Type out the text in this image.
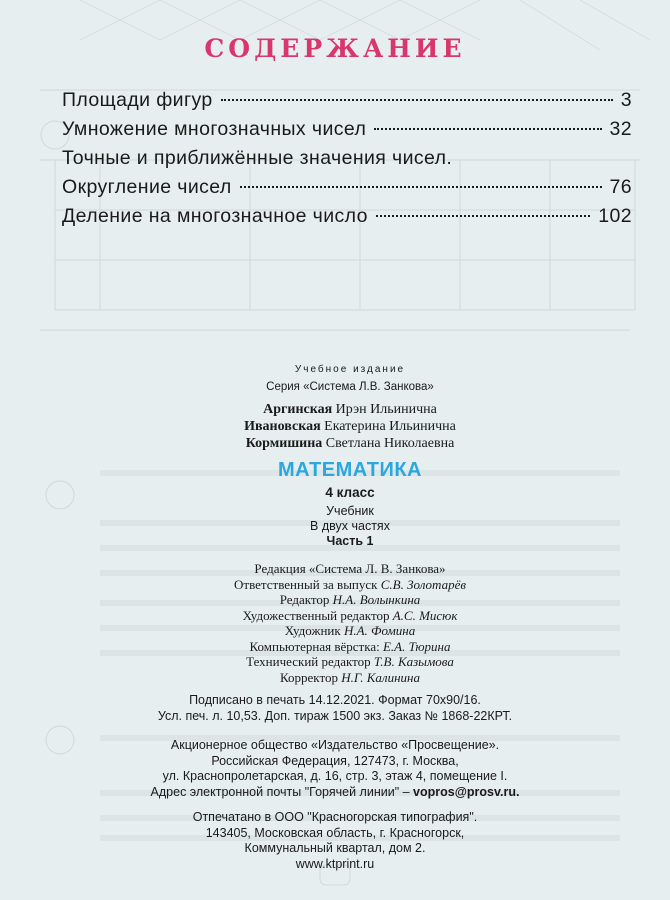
СОДЕРЖАНИЕ
Площади фигур	3
Умножение многозначных чисел	32
Точные и приближённые значения чисел.
Округление чисел	76
Деление на многозначное число	102
Учебное издание
Серия «Система Л.В. Занкова»
Аргинская Ирэн Ильинична
Ивановская Екатерина Ильинична
Кормишина Светлана Николаевна
МАТЕМАТИКА
4 класс
Учебник
В двух частях
Часть 1
Редакция «Система Л. В. Занкова»
Ответственный за выпуск С.В. Золотарёв
Редактор Н.А. Волынкина
Художественный редактор А.С. Мисюк
Художник Н.А. Фомина
Компьютерная вёрстка: Е.А. Тюрина
Технический редактор Т.В. Казымова
Корректор Н.Г. Калинина
Подписано в печать 14.12.2021. Формат 70х90/16.
Усл. печ. л. 10,53. Доп. тираж 1500 экз. Заказ № 1868-22КРТ.
Акционерное общество «Издательство «Просвещение».
Российская Федерация, 127473, г. Москва,
ул. Краснопролетарская, д. 16, стр. 3, этаж 4, помещение I.
Адрес электронной почты "Горячей линии" – vopros@prosv.ru.
Отпечатано в ООО "Красногорская типография".
143405, Московская область, г. Красногорск,
Коммунальный квартал, дом 2.
www.ktprint.ru
